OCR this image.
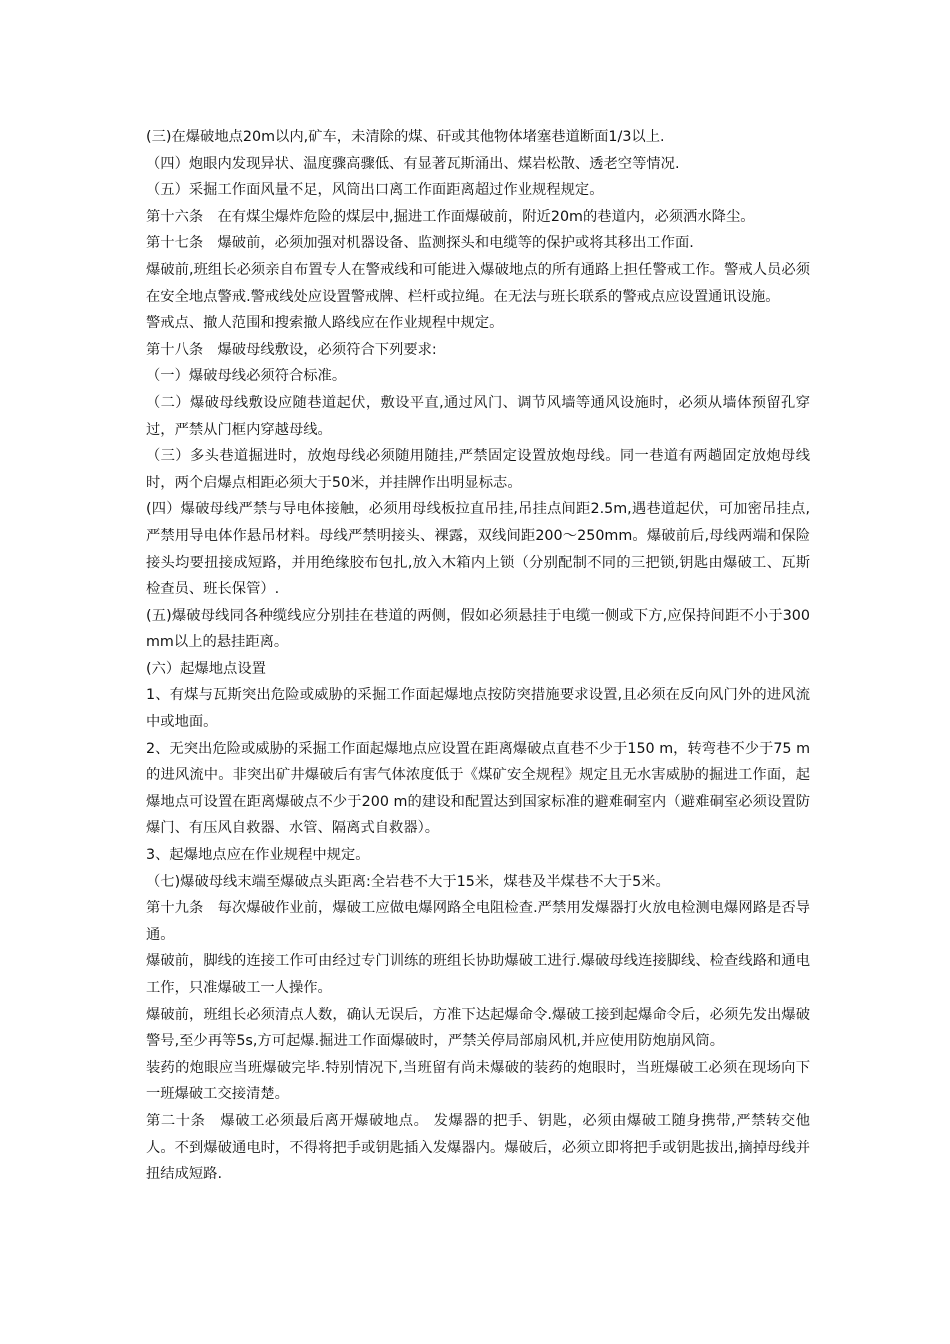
(三)在爆破地点20m以内,矿车，未清除的煤、矸或其他物体堵塞巷道断面1/3以上.

（四）炮眼内发现异状、温度骤高骤低、有显著瓦斯涌出、煤岩松散、透老空等情况.

（五）采掘工作面风量不足，风筒出口离工作面距离超过作业规程规定。

第十六条　在有煤尘爆炸危险的煤层中,掘进工作面爆破前，附近20m的巷道内，必须洒水降尘。

第十七条　爆破前，必须加强对机器设备、监测探头和电缆等的保护或将其移出工作面.

爆破前,班组长必须亲自布置专人在警戒线和可能进入爆破地点的所有通路上担任警戒工作。警戒人员必须在安全地点警戒.警戒线处应设置警戒牌、栏杆或拉绳。在无法与班长联系的警戒点应设置通讯设施。

警戒点、撤人范围和搜索撤人路线应在作业规程中规定。

第十八条　爆破母线敷设，必须符合下列要求:

（一）爆破母线必须符合标准。

（二）爆破母线敷设应随巷道起伏，敷设平直,通过风门、调节风墙等通风设施时，必须从墙体预留孔穿过，严禁从门框内穿越母线。

（三）多头巷道掘进时，放炮母线必须随用随挂,严禁固定设置放炮母线。同一巷道有两趟固定放炮母线时，两个启爆点相距必须大于50米，并挂牌作出明显标志。

(四）爆破母线严禁与导电体接触，必须用母线板拉直吊挂,吊挂点间距2.5m,遇巷道起伏，可加密吊挂点,严禁用导电体作悬吊材料。母线严禁明接头、裸露，双线间距200～250mm。爆破前后,母线两端和保险接头均要扭接成短路，并用绝缘胶布包扎,放入木箱内上锁（分别配制不同的三把锁,钥匙由爆破工、瓦斯检查员、班长保管）.

(五)爆破母线同各种缆线应分别挂在巷道的两侧，假如必须悬挂于电缆一侧或下方,应保持间距不小于300mm以上的悬挂距离。

(六）起爆地点设置

1、有煤与瓦斯突出危险或威胁的采掘工作面起爆地点按防突措施要求设置,且必须在反向风门外的进风流中或地面。

2、无突出危险或威胁的采掘工作面起爆地点应设置在距离爆破点直巷不少于150 m，转弯巷不少于75 m的进风流中。非突出矿井爆破后有害气体浓度低于《煤矿安全规程》规定且无水害威胁的掘进工作面，起爆地点可设置在距离爆破点不少于200 m的建设和配置达到国家标准的避难硐室内（避难硐室必须设置防爆门、有压风自救器、水管、隔离式自救器）。

3、起爆地点应在作业规程中规定。

（七)爆破母线末端至爆破点头距离:全岩巷不大于15米，煤巷及半煤巷不大于5米。

第十九条　每次爆破作业前，爆破工应做电爆网路全电阻检查.严禁用发爆器打火放电检测电爆网路是否导通。

爆破前，脚线的连接工作可由经过专门训练的班组长协助爆破工进行.爆破母线连接脚线、检查线路和通电工作，只准爆破工一人操作。

爆破前，班组长必须清点人数，确认无误后，方准下达起爆命令.爆破工接到起爆命令后，必须先发出爆破警号,至少再等5s,方可起爆.掘进工作面爆破时，严禁关停局部扇风机,并应使用防炮崩风筒。

装药的炮眼应当班爆破完毕.特别情况下,当班留有尚未爆破的装药的炮眼时，当班爆破工必须在现场向下一班爆破工交接清楚。

第二十条　爆破工必须最后离开爆破地点。 发爆器的把手、钥匙，必须由爆破工随身携带,严禁转交他人。不到爆破通电时，不得将把手或钥匙插入发爆器内。爆破后，必须立即将把手或钥匙拔出,摘掉母线并扭结成短路.
